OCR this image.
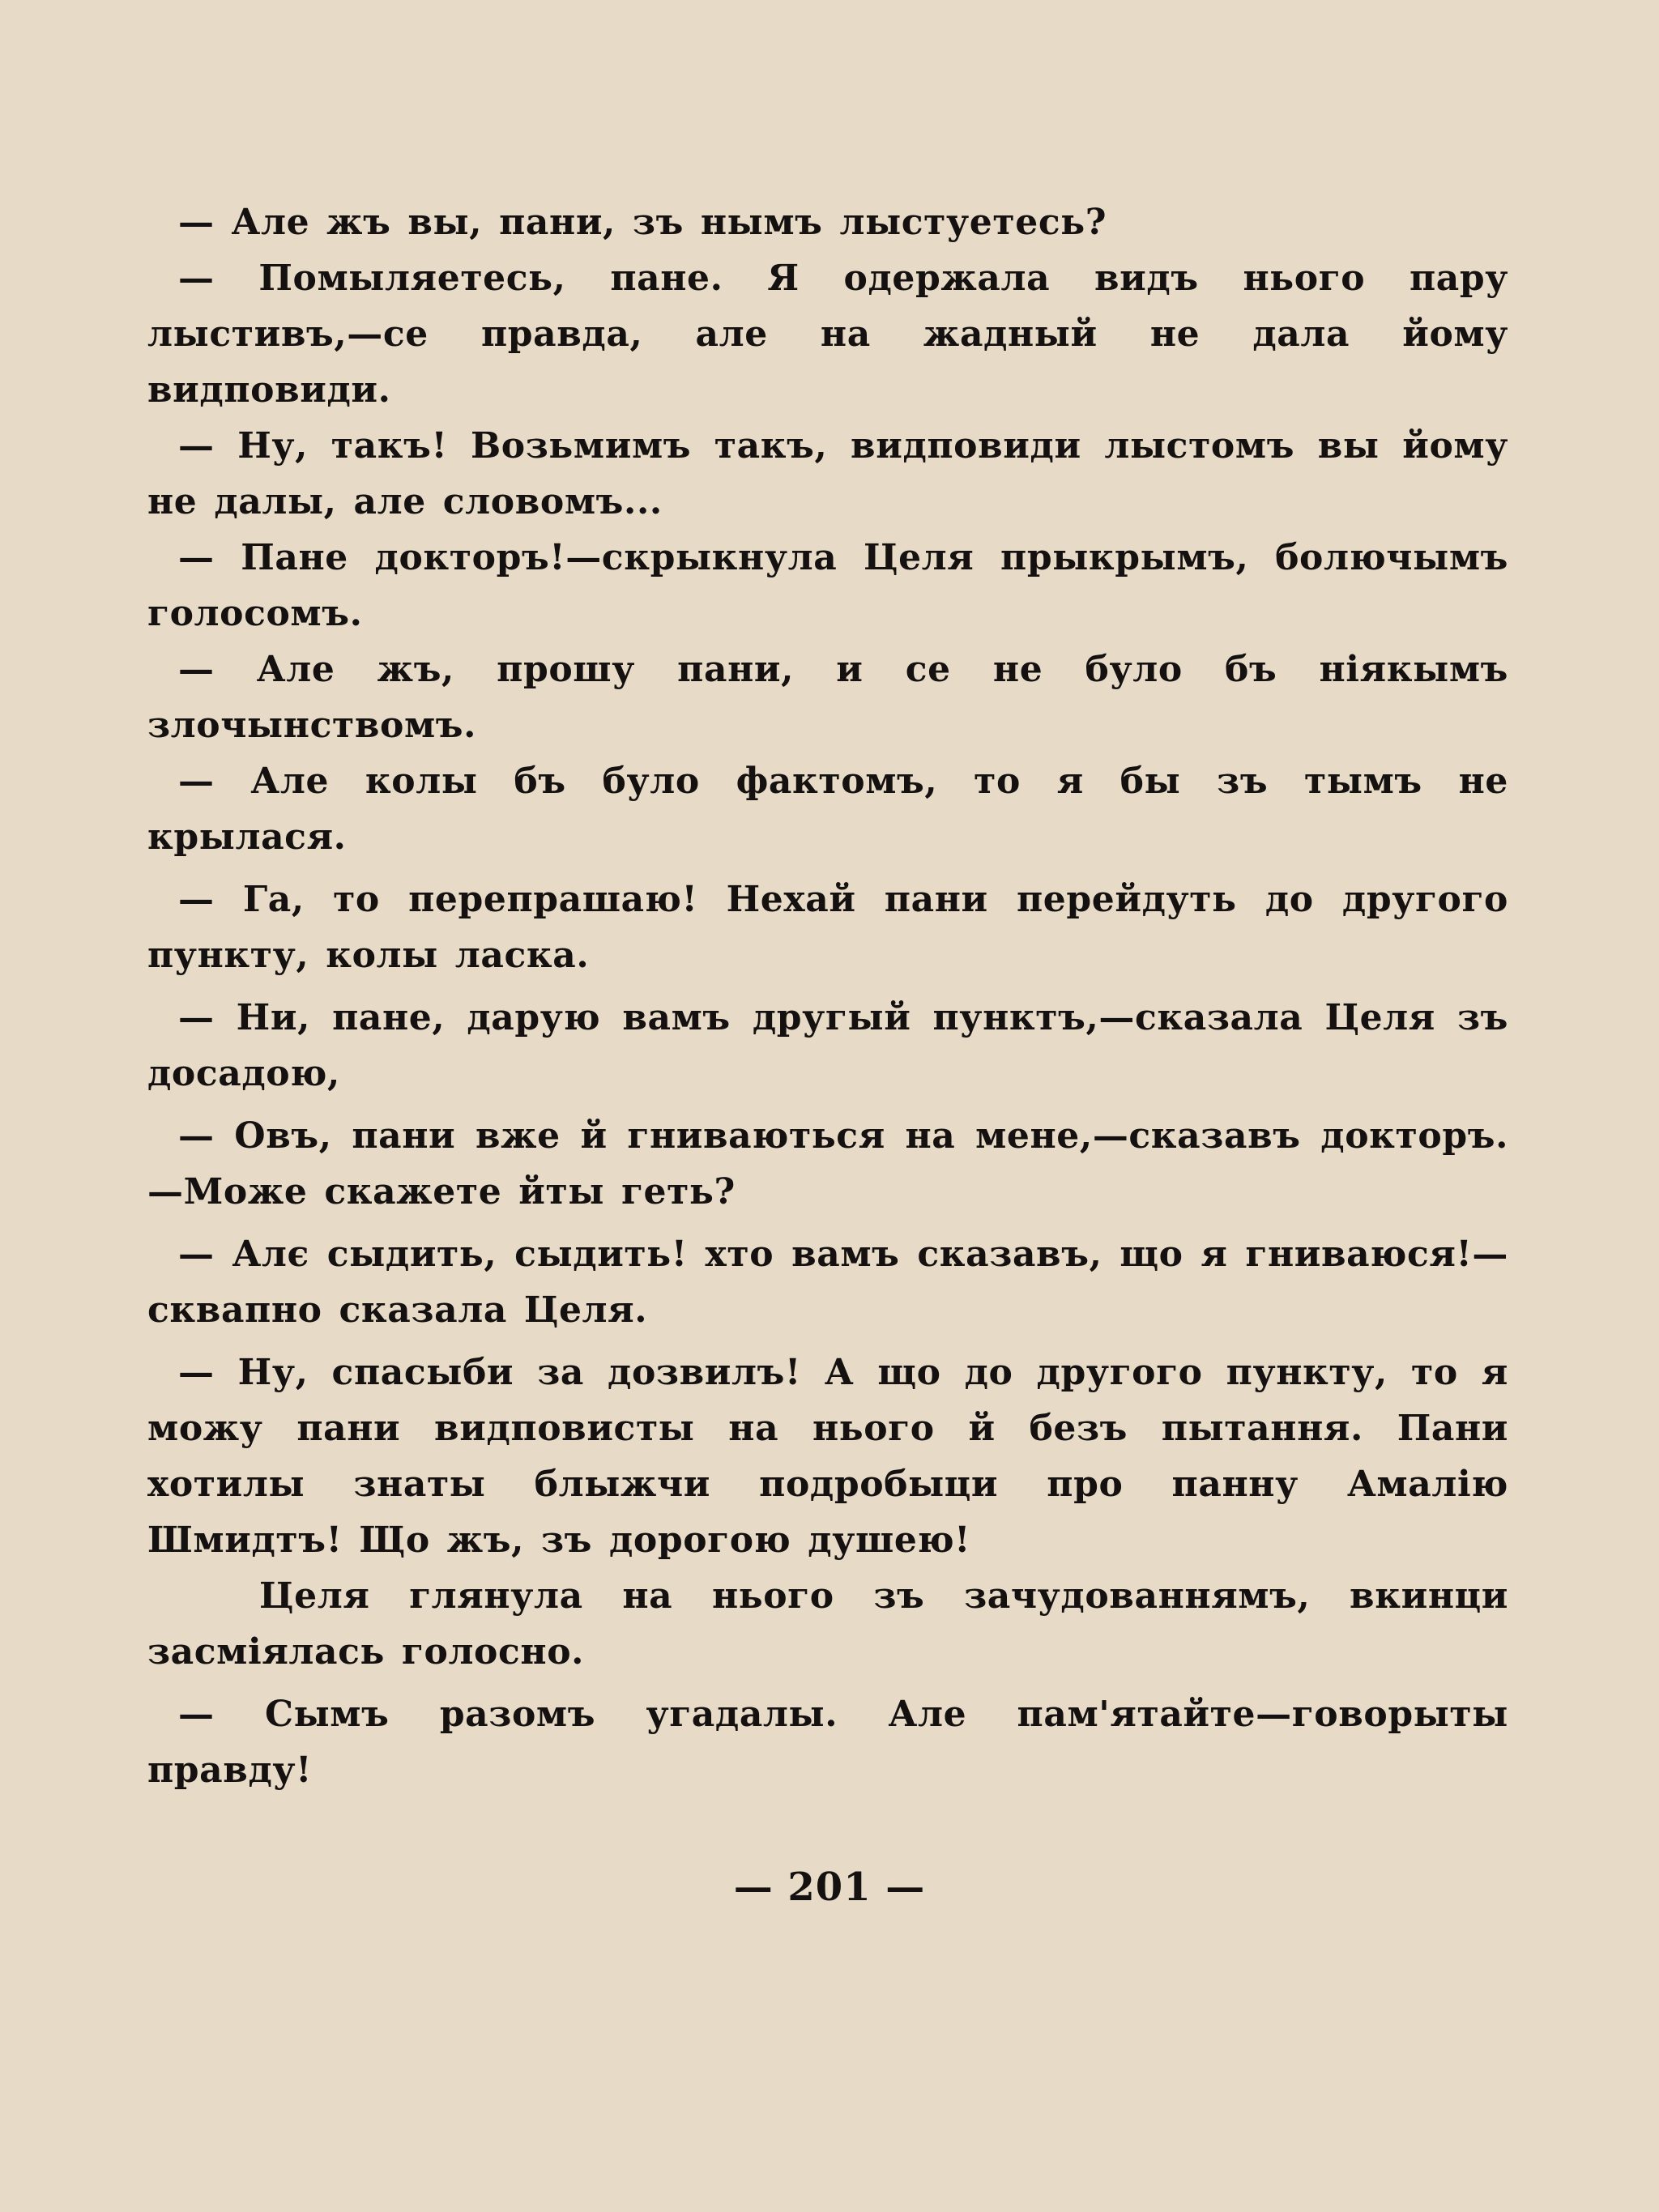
— Але жъ вы, пани, зъ нымъ лыстуетесь?

— Помыляетесь, пане. Я одержала видъ нього пару лыстивъ,—се правда, але на жадный не дала йому видповиди.

— Ну, такъ! Возьмимъ такъ, видповиди лыстомъ вы йому не далы, але словомъ...

— Пане докторъ!—скрыкнула Целя прыкрымъ, болючымъ голосомъ.

— Але жъ, прошу пани, и се не було бъ ніякымъ злочынствомъ.

— Але колы бъ було фактомъ, то я бы зъ тымъ не крылася.

— Га, то перепрашаю! Нехай пани перейдуть до другого пункту, колы ласка.

— Ни, пане, дарую вамъ другый пунктъ,—сказала Целя зъ досадою,

— Овъ, пани вже й гниваються на мене,—сказавъ докторъ.—Може скажете йты геть?

— Алє сыдить, сыдить! хто вамъ сказавъ, що я гниваюся!—сквапно сказала Целя.

— Ну, спасыби за дозвилъ! А що до другого пункту, то я можу пани видповисты на нього й безъ пытання. Пани хотилы знаты блыжчи подробыци про панну Амалію Шмидтъ! Що жъ, зъ дорогою душею!

Целя глянула на нього зъ зачудованнямъ, вкинци засміялась голосно.

— Сымъ разомъ угадалы. Але пам'ятайте—говорыты правду!

— 201 —
